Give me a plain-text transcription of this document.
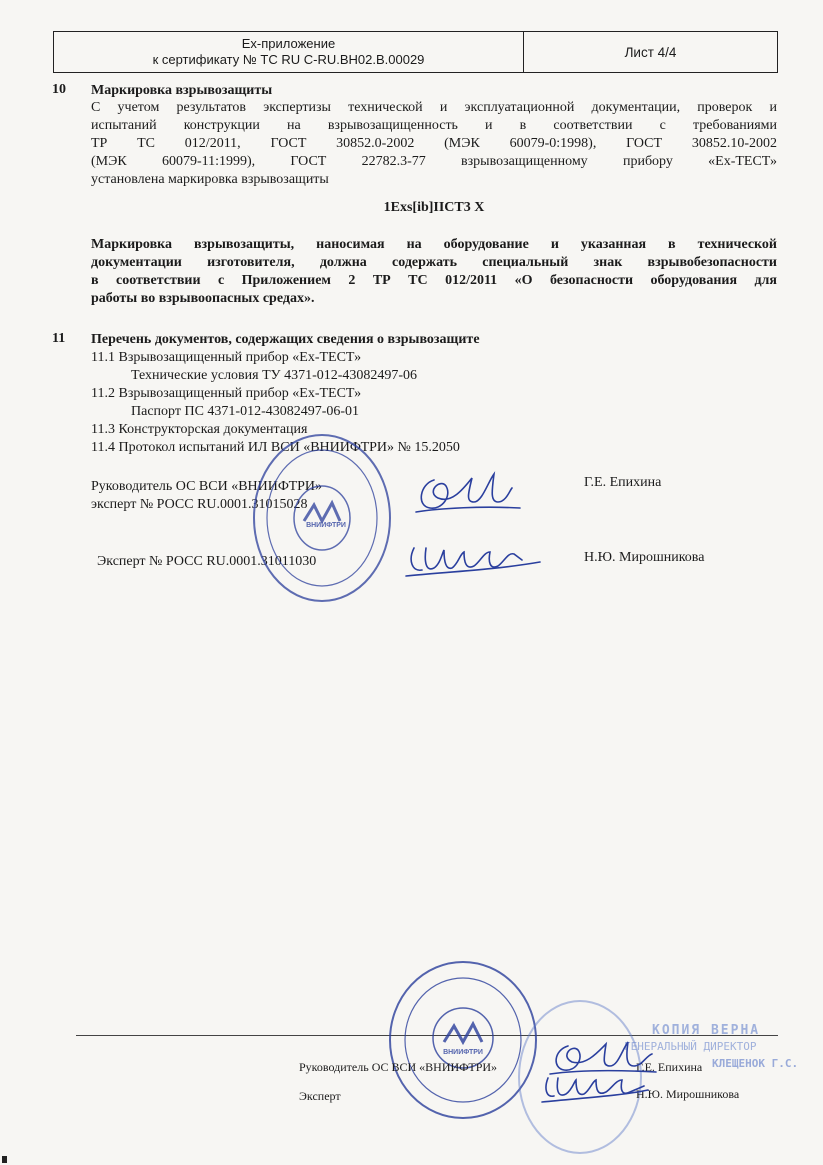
Ex-приложение
к сертификату № ТС RU C-RU.ВН02.В.00029	Лист 4/4
10 Маркировка взрывозащиты
С учетом результатов экспертизы технической и эксплуатационной документации, проверок и
испытаний конструкции на взрывозащищенность и в соответствии с требованиями
ТР ТС 012/2011, ГОСТ 30852.0-2002 (МЭК 60079-0:1998), ГОСТ 30852.10-2002
(МЭК 60079-11:1999), ГОСТ 22782.3-77 взрывозащищенному прибору «Ex-ТЕСТ»
установлена маркировка взрывозащиты
1Exs[ib]IICT3 X
Маркировка взрывозащиты, наносимая на оборудование и указанная в технической
документации изготовителя, должна содержать специальный знак взрывобезопасности
в соответствии с Приложением 2 ТР ТС 012/2011 «О безопасности оборудования для
работы во взрывоопасных средах».
11 Перечень документов, содержащих сведения о взрывозащите
11.1 Взрывозащищенный прибор «Ex-ТЕСТ»
Технические условия ТУ 4371-012-43082497-06
11.2 Взрывозащищенный прибор «Ex-ТЕСТ»
Паспорт ПС 4371-012-43082497-06-01
11.3 Конструкторская документация
11.4 Протокол испытаний ИЛ ВСИ «ВНИИФТРИ» № 15.2050
Руководитель ОС ВСИ «ВНИИФТРИ»
эксперт № РОСС RU.0001.31015028
Г.Е. Епихина
Эксперт № РОСС RU.0001.31011030	Н.Ю. Мирошникова
ВНИИФТРИ
ВНИИФТРИ
КОПИЯ ВЕРНА
ГЕНЕРАЛЬНЫЙ ДИРЕКТОР
КЛЕЩЕНОК Г.С.
Руководитель ОС ВСИ «ВНИИФТРИ»	Г.Е. Епихина
Эксперт	Н.Ю. Мирошникова
